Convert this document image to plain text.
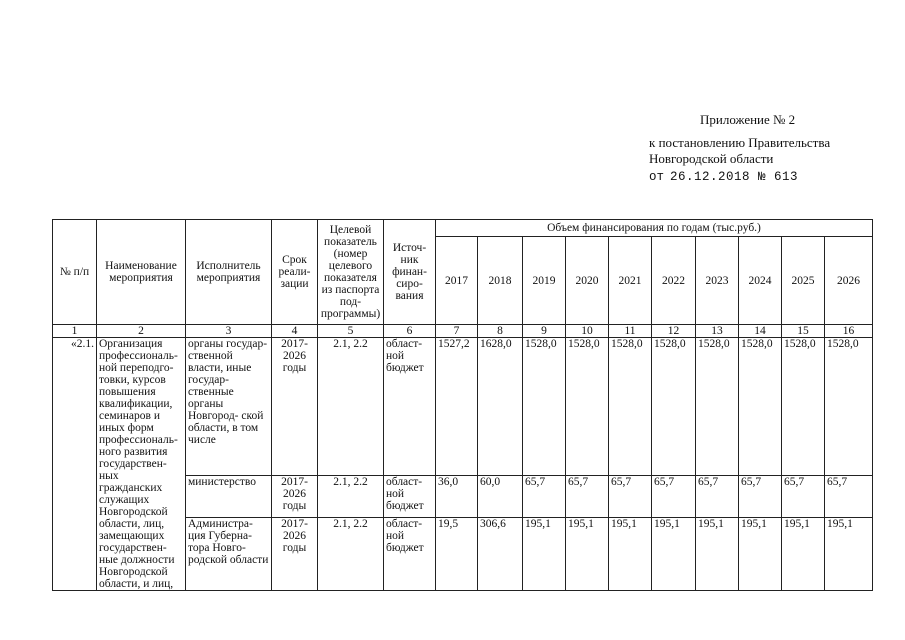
Приложение № 2
к постановлению Правительства
Новгородской области
от 26.12.2018 № 613
№ п/п	Наименование мероприятия	Исполнитель мероприятия	Срок реали- зации	Целевой показатель (номер целевого показателя из паспорта под- программы)	Источ- ник финан- сиро- вания	Объем финансирования по годам (тыс.руб.)									
						2017	2018	2019	2020	2021	2022	2023	2024	2025	2026
1	2	3	4	5	6	7	8	9	10	11	12	13	14	15	16
«2.1.	Организация профессиональ- ной переподго- товки, курсов повышения квалификации, семинаров и иных форм профессиональ- ного развития государствен- ных гражданских служащих Новгородской области, лиц, замещающих государствен- ные должности Новгородской области, и лиц,	органы государ- ственной власти, иные государ- ственные органы Новгород- ской области, в том числе	2017- 2026 годы	2.1, 2.2	област- ной бюджет	1527,2	1628,0	1528,0	1528,0	1528,0	1528,0	1528,0	1528,0	1528,0	1528,0
		министерство	2017- 2026 годы	2.1, 2.2	област- ной бюджет	36,0	60,0	65,7	65,7	65,7	65,7	65,7	65,7	65,7	65,7
		Администра- ция Губерна- тора Новго- родской области	2017- 2026 годы	2.1, 2.2	област- ной бюджет	19,5	306,6	195,1	195,1	195,1	195,1	195,1	195,1	195,1	195,1
